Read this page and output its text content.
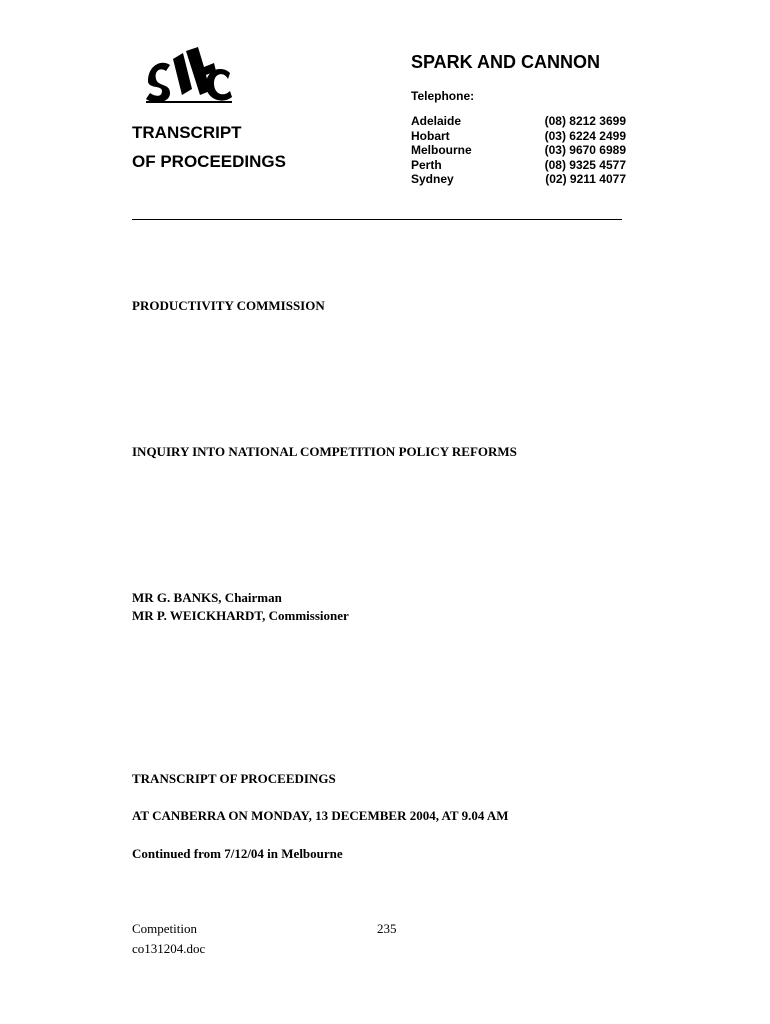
SPARK AND CANNON
Telephone:
TRANSCRIPT
OF PROCEEDINGS
Adelaide	(08) 8212 3699
Hobart	(03) 6224 2499
Melbourne	(03) 9670 6989
Perth	(08) 9325 4577
Sydney	(02) 9211 4077
PRODUCTIVITY COMMISSION
INQUIRY INTO NATIONAL COMPETITION POLICY REFORMS
MR G. BANKS, Chairman
MR P. WEICKHARDT, Commissioner
TRANSCRIPT OF PROCEEDINGS
AT CANBERRA ON MONDAY, 13 DECEMBER 2004, AT 9.04 AM
Continued from 7/12/04 in Melbourne
Competition
co131204.doc
235
